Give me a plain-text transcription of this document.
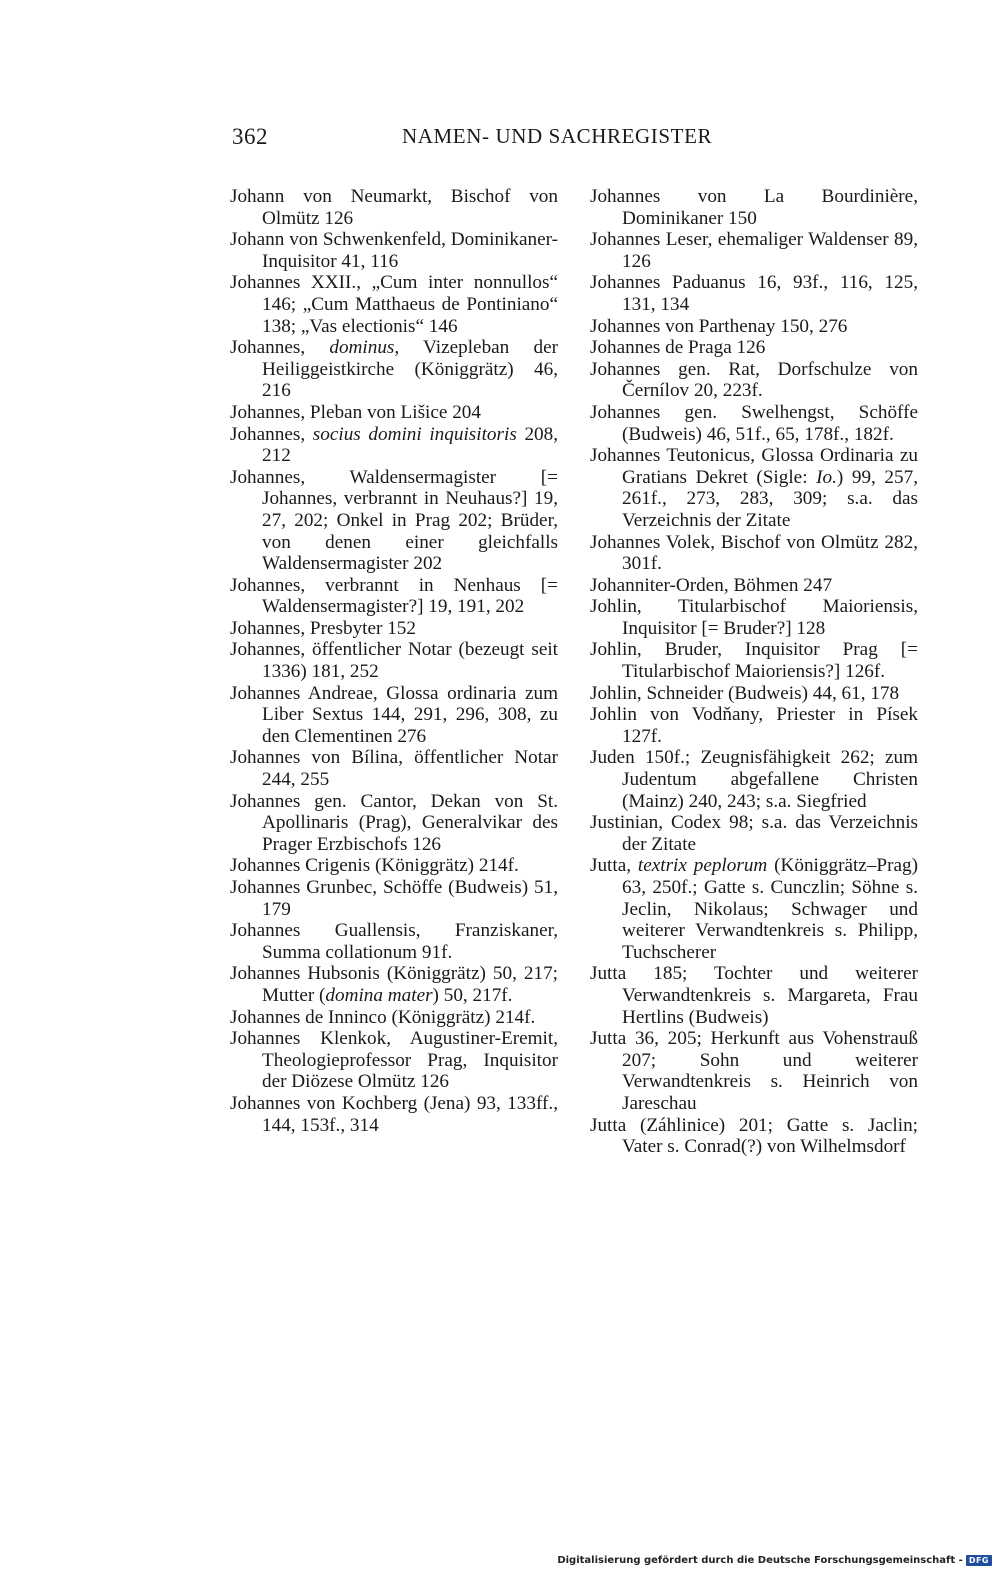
362	NAMEN- UND SACHREGISTER

Johann von Neumarkt, Bischof von Olmütz 126

Johann von Schwenkenfeld, Dominikaner-Inquisitor 41, 116

Johannes XXII., „Cum inter nonnullos“ 146; „Cum Matthaeus de Pontiniano“ 138; „Vas electionis“ 146

Johannes, dominus, Vizepleban der Heiliggeistkirche (Königgrätz) 46, 216

Johannes, Pleban von Lišice 204

Johannes, socius domini inquisitoris 208, 212

Johannes, Waldensermagister [= Johannes, verbrannt in Neuhaus?] 19, 27, 202; Onkel in Prag 202; Brüder, von denen einer gleichfalls Waldensermagister 202

Johannes, verbrannt in Nenhaus [= Waldensermagister?] 19, 191, 202

Johannes, Presbyter 152

Johannes, öffentlicher Notar (bezeugt seit 1336) 181, 252

Johannes Andreae, Glossa ordinaria zum Liber Sextus 144, 291, 296, 308, zu den Clementinen 276

Johannes von Bílina, öffentlicher Notar 244, 255

Johannes gen. Cantor, Dekan von St. Apollinaris (Prag), Generalvikar des Prager Erzbischofs 126

Johannes Crigenis (Königgrätz) 214f.

Johannes Grunbec, Schöffe (Budweis) 51, 179

Johannes Guallensis, Franziskaner, Summa collationum 91f.

Johannes Hubsonis (Königgrätz) 50, 217; Mutter (domina mater) 50, 217f.

Johannes de Inninco (Königgrätz) 214f.

Johannes Klenkok, Augustiner-Eremit, Theologieprofessor Prag, Inquisitor der Diözese Olmütz 126

Johannes von Kochberg (Jena) 93, 133ff., 144, 153f., 314

Johannes von La Bourdinière, Dominikaner 150

Johannes Leser, ehemaliger Waldenser 89, 126

Johannes Paduanus 16, 93f., 116, 125, 131, 134

Johannes von Parthenay 150, 276

Johannes de Praga 126

Johannes gen. Rat, Dorfschulze von Černílov 20, 223f.

Johannes gen. Swelhengst, Schöffe (Budweis) 46, 51f., 65, 178f., 182f.

Johannes Teutonicus, Glossa Ordinaria zu Gratians Dekret (Sigle: Io.) 99, 257, 261f., 273, 283, 309; s.a. das Verzeichnis der Zitate

Johannes Volek, Bischof von Olmütz 282, 301f.

Johanniter-Orden, Böhmen 247

Johlin, Titularbischof Maioriensis, Inquisitor [= Bruder?] 128

Johlin, Bruder, Inquisitor Prag [= Titularbischof Maioriensis?] 126f.

Johlin, Schneider (Budweis) 44, 61, 178

Johlin von Vodňany, Priester in Písek 127f.

Juden 150f.; Zeugnisfähigkeit 262; zum Judentum abgefallene Christen (Mainz) 240, 243; s.a. Siegfried

Justinian, Codex 98; s.a. das Verzeichnis der Zitate

Jutta, textrix peplorum (Königgrätz–Prag) 63, 250f.; Gatte s. Cunczlin; Söhne s. Jeclin, Nikolaus; Schwager und weiterer Verwandtenkreis s. Philipp, Tuchscherer

Jutta 185; Tochter und weiterer Verwandtenkreis s. Margareta, Frau Hertlins (Budweis)

Jutta 36, 205; Herkunft aus Vohenstrauß 207; Sohn und weiterer Verwandtenkreis s. Heinrich von Jareschau

Jutta (Záhlinice) 201; Gatte s. Jaclin; Vater s. Conrad(?) von Wilhelmsdorf

Digitalisierung gefördert durch die Deutsche Forschungsgemeinschaft - DFG
